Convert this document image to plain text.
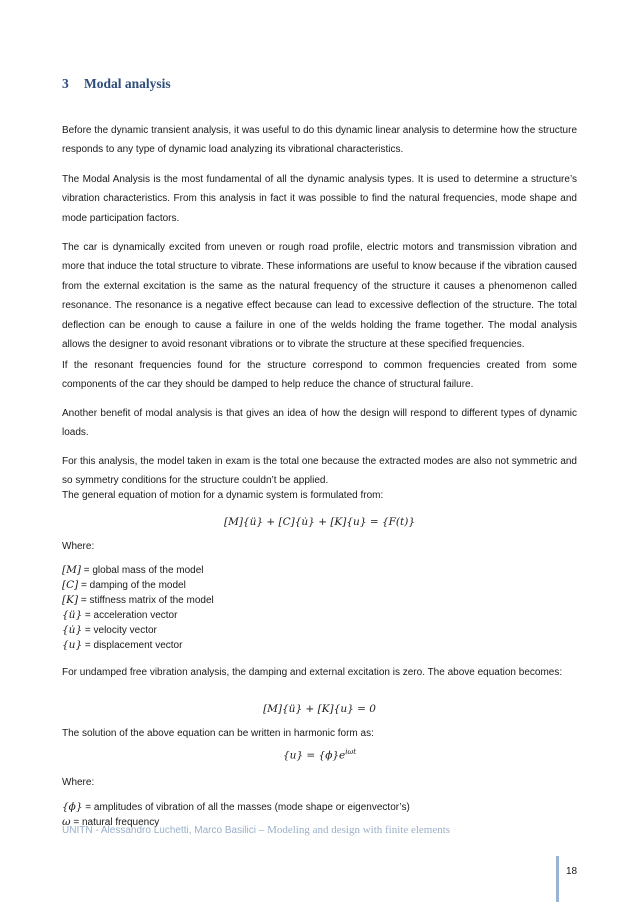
3 Modal analysis

Before the dynamic transient analysis, it was useful to do this dynamic linear analysis to determine how the structure responds to any type of dynamic load analyzing its vibrational characteristics.

The Modal Analysis is the most fundamental of all the dynamic analysis types. It is used to determine a structure’s vibration characteristics. From this analysis in fact it was possible to find the natural frequencies, mode shape and mode participation factors.

The car is dynamically excited from uneven or rough road profile, electric motors and transmission vibration and more that induce the total structure to vibrate. These informations are useful to know because if the vibration caused from the external excitation is the same as the natural frequency of the structure it causes a phenomenon called resonance. The resonance is a negative effect because can lead to excessive deflection of the structure. The total deflection can be enough to cause a failure in one of the welds holding the frame together. The modal analysis allows the designer to avoid resonant vibrations or to vibrate the structure at these specified frequencies.

If the resonant frequencies found for the structure correspond to common frequencies created from some components of the car they should be damped to help reduce the chance of structural failure.

Another benefit of modal analysis is that gives an idea of how the design will respond to different types of dynamic loads.

For this analysis, the model taken in exam is the total one because the extracted modes are also not symmetric and so symmetry conditions for the structure couldn’t be applied.

The general equation of motion for a dynamic system is formulated from:

[M]{ü} + [C]{u̇} + [K]{u} = {F(t)}
Where:
[M] = global mass of the model
[C] = damping of the model
[K] = stiffness matrix of the model
{ü} = acceleration vector
{u̇} = velocity vector
{u} = displacement vector

For undamped free vibration analysis, the damping and external excitation is zero. The above equation becomes:

[M]{ü} + [K]{u} = 0

The solution of the above equation can be written in harmonic form as:

$\{u\} = \{\phi\}e^{i\omega t}$
Where:
{ϕ} = amplitudes of vibration of all the masses (mode shape or eigenvector’s)
ω = natural frequency
UNITN - Alessandro Luchetti, Marco Basilici – Modeling and design with finite elements
18
